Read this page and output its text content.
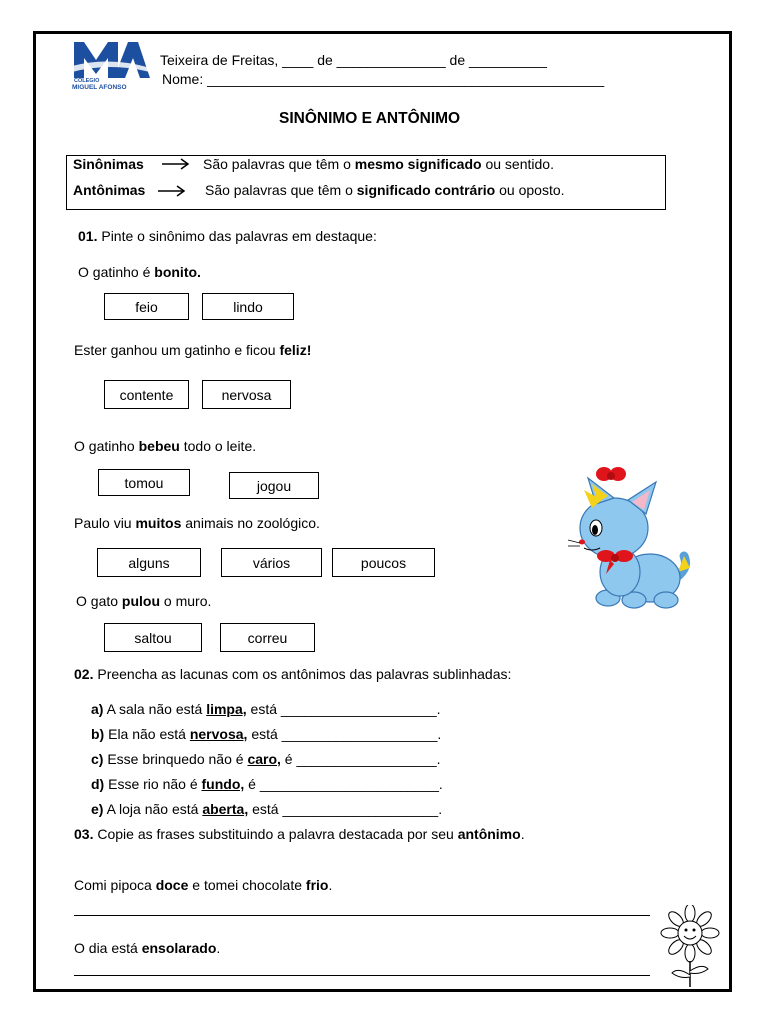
COLEGIO
MIGUEL AFONSO
Teixeira de Freitas, ____ de ______________ de __________
Nome: ___________________________________________________
SINÔNIMO E ANTÔNIMO
Sinônimas	São palavras que têm o mesmo significado ou sentido.
Antônimas	São palavras que têm o significado contrário ou oposto.
01. Pinte o sinônimo das palavras em destaque:
O gatinho é bonito.
feio	lindo
Ester ganhou um gatinho e ficou feliz!
contente	nervosa
O gatinho bebeu todo o leite.
tomou	jogou
Paulo viu muitos animais no zoológico.
alguns	vários	poucos
O gato pulou o muro.
saltou	correu
02. Preencha as lacunas com os antônimos das palavras sublinhadas:
a) A sala não está limpa, está ____________________.
b) Ela não está nervosa, está ____________________.
c) Esse brinquedo não é caro, é __________________.
d) Esse rio não é fundo, é _______________________.
e) A loja não está aberta, está ____________________.
03. Copie as frases substituindo a palavra destacada por seu antônimo.
Comi pipoca doce e tomei chocolate frio.
O dia está ensolarado.
